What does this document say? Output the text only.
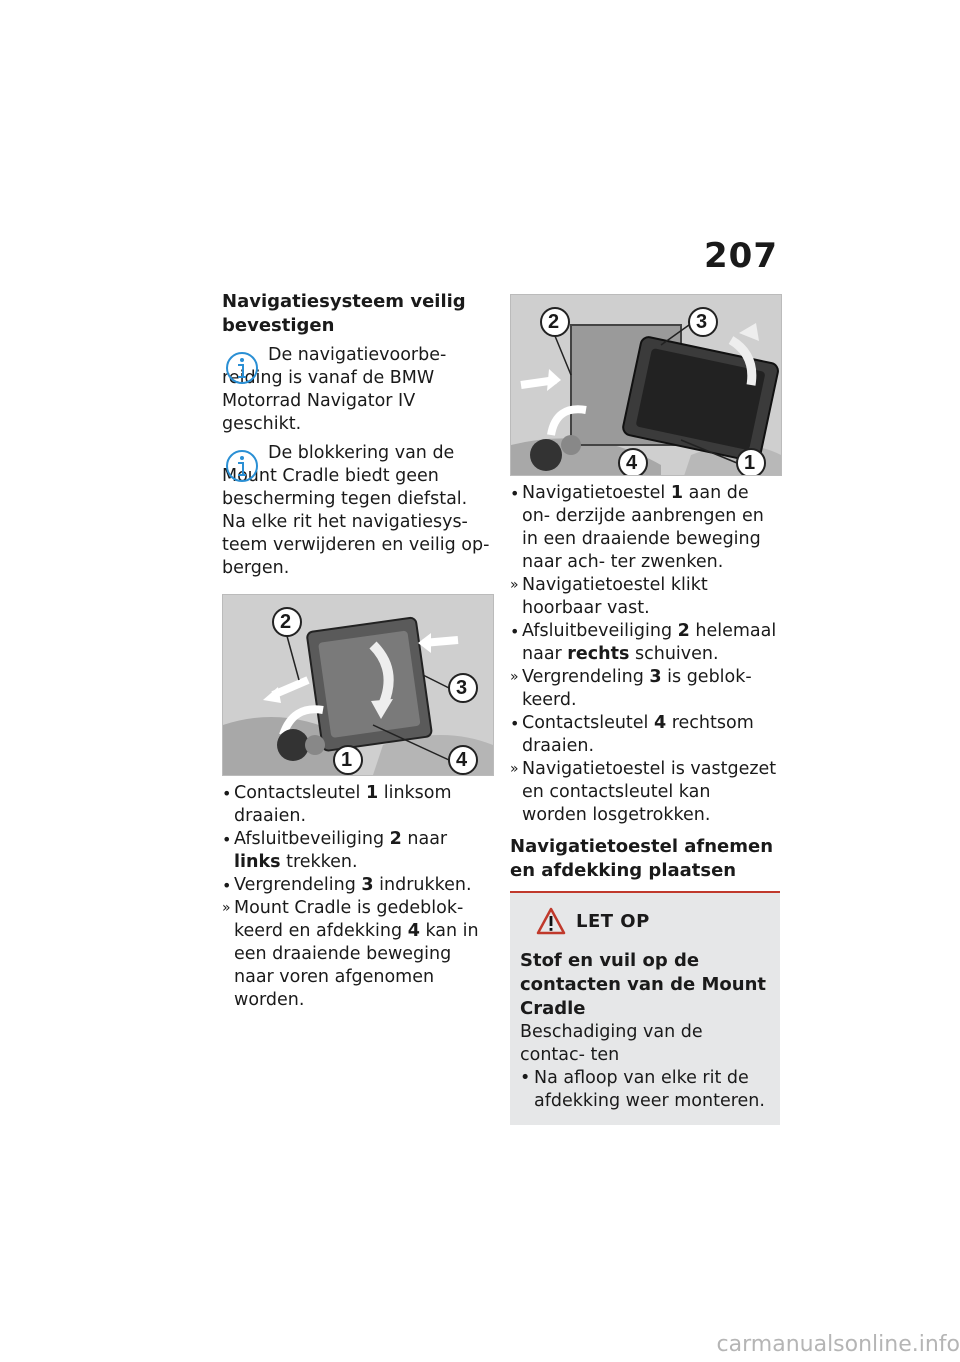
207
Navigatiesysteem veilig bevestigen
De navigatievoorbe- reiding is vanaf de BMW Motorrad Navigator IV geschikt.
De blokkering van de Mount Cradle biedt geen bescherming tegen diefstal. Na elke rit het navigatiesys- teem verwijderen en veilig op- bergen.
1
2
3
4
• Contactsleutel 1 linksom draaien.
• Afsluitbeveiliging 2 naar links trekken.
• Vergrendeling 3 indrukken.
» Mount Cradle is gedeblok- keerd en afdekking 4 kan in een draaiende beweging naar voren afgenomen worden.
1
2	3
4
• Navigatietoestel 1 aan de on- derzijde aanbrengen en in een draaiende beweging naar ach- ter zwenken.
» Navigatietoestel klikt hoorbaar vast.
• Afsluitbeveiliging 2 helemaal naar rechts schuiven.
» Vergrendeling 3 is geblok- keerd.
• Contactsleutel 4 rechtsom draaien.
» Navigatietoestel is vastgezet en contactsleutel kan worden losgetrokken.
Navigatietoestel afnemen en afdekking plaatsen
LET OP
Stof en vuil op de contacten van de Mount Cradle
Beschadiging van de contac- ten
• Na afloop van elke rit de afdekking weer monteren.
carmanualsonline.info
